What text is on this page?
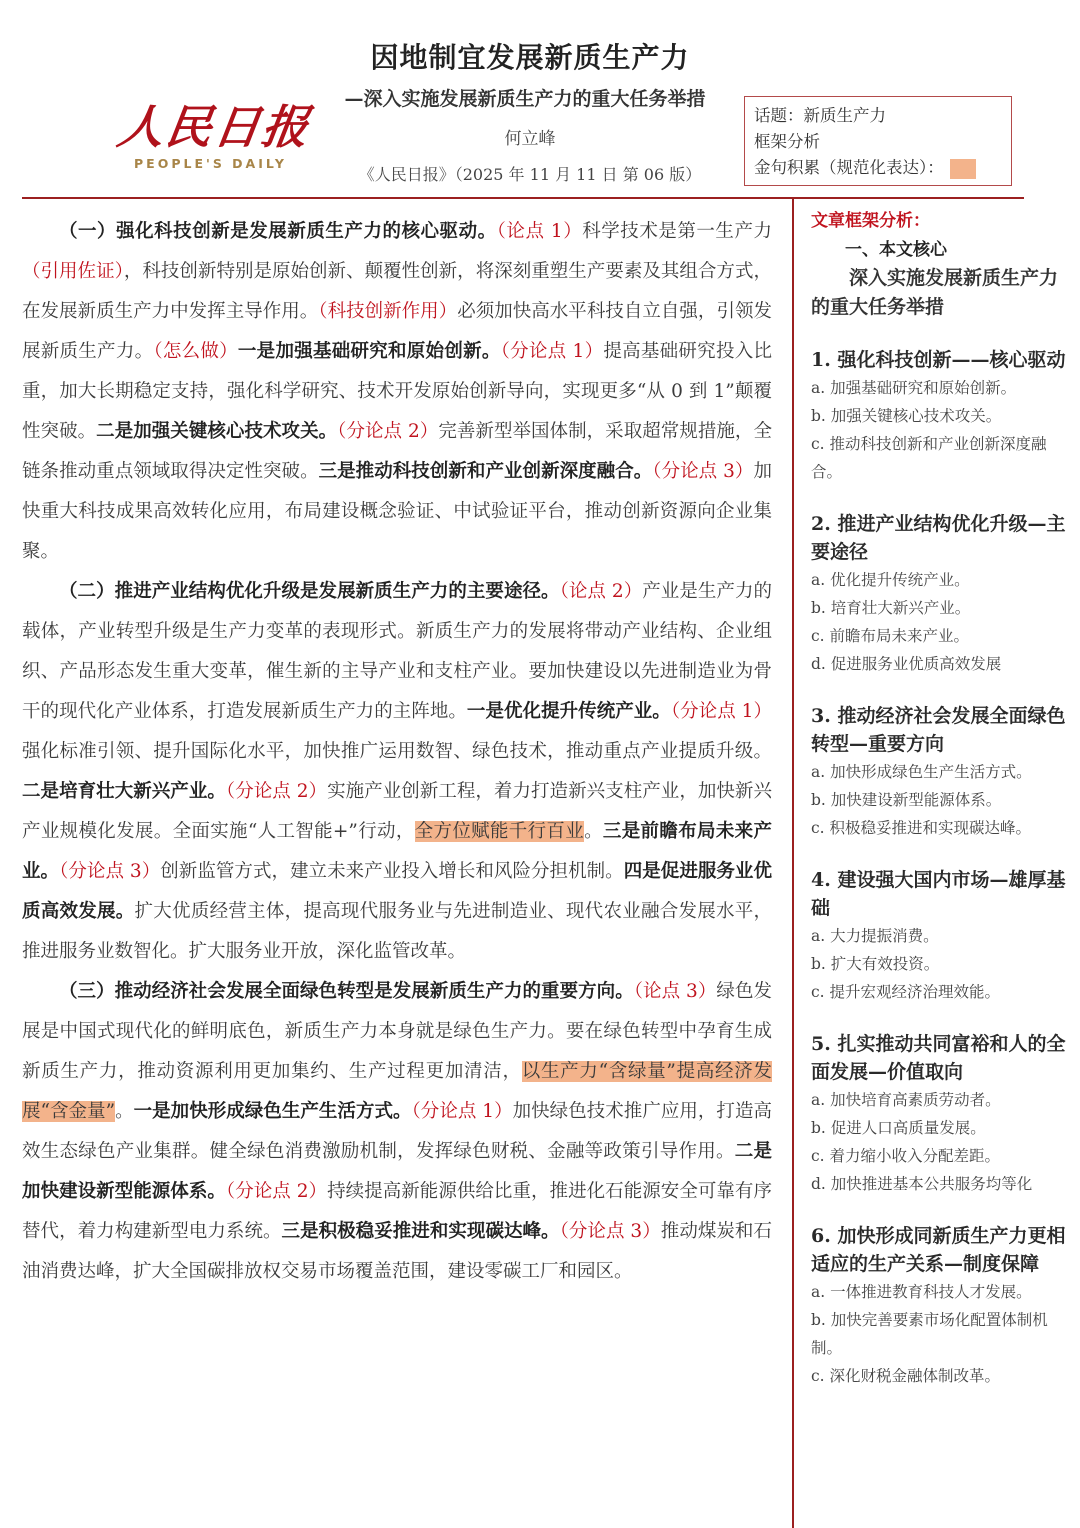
人民日报
PEOPLE'S DAILY
因地制宜发展新质生产力
—深入实施发展新质生产力的重大任务举措
何立峰
《人民日报》（2025 年 11 月 11 日 第 06 版）
话题：新质生产力
框架分析
金句积累（规范化表达）：

（一）强化科技创新是发展新质生产力的核心驱动。（论点 1）科学技术是第一生产力（引用佐证），科技创新特别是原始创新、颠覆性创新，将深刻重塑生产要素及其组合方式，在发展新质生产力中发挥主导作用。（科技创新作用）必须加快高水平科技自立自强，引领发展新质生产力。（怎么做）一是加强基础研究和原始创新。（分论点 1）提高基础研究投入比重，加大长期稳定支持，强化科学研究、技术开发原始创新导向，实现更多“从 0 到 1”颠覆性突破。二是加强关键核心技术攻关。（分论点 2）完善新型举国体制，采取超常规措施，全链条推动重点领域取得决定性突破。三是推动科技创新和产业创新深度融合。（分论点 3）加快重大科技成果高效转化应用，布局建设概念验证、中试验证平台，推动创新资源向企业集聚。

（二）推进产业结构优化升级是发展新质生产力的主要途径。（论点 2）产业是生产力的载体，产业转型升级是生产力变革的表现形式。新质生产力的发展将带动产业结构、企业组织、产品形态发生重大变革，催生新的主导产业和支柱产业。要加快建设以先进制造业为骨干的现代化产业体系，打造发展新质生产力的主阵地。一是优化提升传统产业。（分论点 1）强化标准引领、提升国际化水平，加快推广运用数智、绿色技术，推动重点产业提质升级。二是培育壮大新兴产业。（分论点 2）实施产业创新工程，着力打造新兴支柱产业，加快新兴产业规模化发展。全面实施“人工智能+”行动，全方位赋能千行百业。三是前瞻布局未来产业。（分论点 3）创新监管方式，建立未来产业投入增长和风险分担机制。四是促进服务业优质高效发展。扩大优质经营主体，提高现代服务业与先进制造业、现代农业融合发展水平，推进服务业数智化。扩大服务业开放，深化监管改革。

（三）推动经济社会发展全面绿色转型是发展新质生产力的重要方向。（论点 3）绿色发展是中国式现代化的鲜明底色，新质生产力本身就是绿色生产力。要在绿色转型中孕育生成新质生产力，推动资源利用更加集约、生产过程更加清洁，以生产力“含绿量”提高经济发展“含金量”。一是加快形成绿色生产生活方式。（分论点 1）加快绿色技术推广应用，打造高效生态绿色产业集群。健全绿色消费激励机制，发挥绿色财税、金融等政策引导作用。二是加快建设新型能源体系。（分论点 2）持续提高新能源供给比重，推进化石能源安全可靠有序替代，着力构建新型电力系统。三是积极稳妥推进和实现碳达峰。（分论点 3）推动煤炭和石油消费达峰，扩大全国碳排放权交易市场覆盖范围，建设零碳工厂和园区。

文章框架分析：
一、本文核心
深入实施发展新质生产力的重大任务举措
1. 强化科技创新——核心驱动
a. 加强基础研究和原始创新。
b. 加强关键核心技术攻关。
c. 推动科技创新和产业创新深度融合。
2. 推进产业结构优化升级—主要途径
a. 优化提升传统产业。
b. 培育壮大新兴产业。
c. 前瞻布局未来产业。
d. 促进服务业优质高效发展
3. 推动经济社会发展全面绿色转型—重要方向
a. 加快形成绿色生产生活方式。
b. 加快建设新型能源体系。
c. 积极稳妥推进和实现碳达峰。
4. 建设强大国内市场—雄厚基础
a. 大力提振消费。
b. 扩大有效投资。
c. 提升宏观经济治理效能。
5. 扎实推动共同富裕和人的全面发展—价值取向
a. 加快培育高素质劳动者。
b. 促进人口高质量发展。
c. 着力缩小收入分配差距。
d. 加快推进基本公共服务均等化
6. 加快形成同新质生产力更相适应的生产关系—制度保障
a. 一体推进教育科技人才发展。
b. 加快完善要素市场化配置体制机制。
c. 深化财税金融体制改革。
